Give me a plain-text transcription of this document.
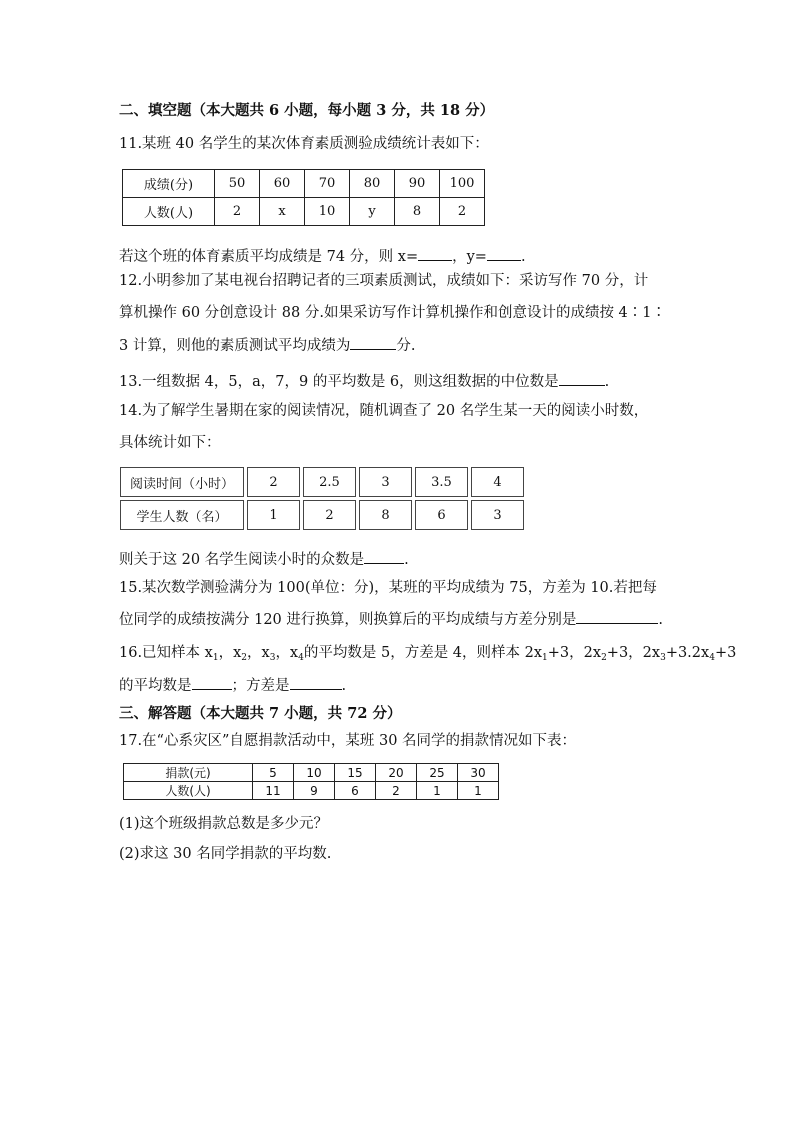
二、填空题（本大题共 6 小题，每小题 3 分，共 18 分）
11.某班 40 名学生的某次体育素质测验成绩统计表如下：
成绩(分)	50	60	70	80	90	100
人数(人)	2	x	10	y	8	2
若这个班的体育素质平均成绩是 74 分，则 x= ，y= .
12.小明参加了某电视台招聘记者的三项素质测试，成绩如下：采访写作 70 分，计
算机操作 60 分创意设计 88 分.如果采访写作计算机操作和创意设计的成绩按 4∶1∶
3 计算，则他的素质测试平均成绩为	分.
13.一组数据 4，5，a，7，9 的平均数是 6，则这组数据的中位数是	.
14.为了解学生暑期在家的阅读情况，随机调查了 20 名学生某一天的阅读小时数，
具体统计如下：
阅读时间（小时）	2	2.5	3	3.5	4
学生人数（名）	1	2	8	6	3
则关于这 20 名学生阅读小时的众数是	.
15.某次数学测验满分为 100(单位：分)，某班的平均成绩为 75，方差为 10.若把每
位同学的成绩按满分 120 进行换算，则换算后的平均成绩与方差分别是	.
16.已知样本 $x_1$，$x_2$，$x_3$，$x_4$的平均数是 5，方差是 4，则样本 $2x_1+3$，$2x_2+3$，$2x_3+3.2x_4+3$
的平均数是	；方差是	.
三、解答题（本大题共 7 小题，共 72 分）
17.在“心系灾区”自愿捐款活动中，某班 30 名同学的捐款情况如下表：
捐款(元)	5	10	15	20	25	30
人数(人)	11	9	6	2	1	1
(1)这个班级捐款总数是多少元？
(2)求这 30 名同学捐款的平均数.
